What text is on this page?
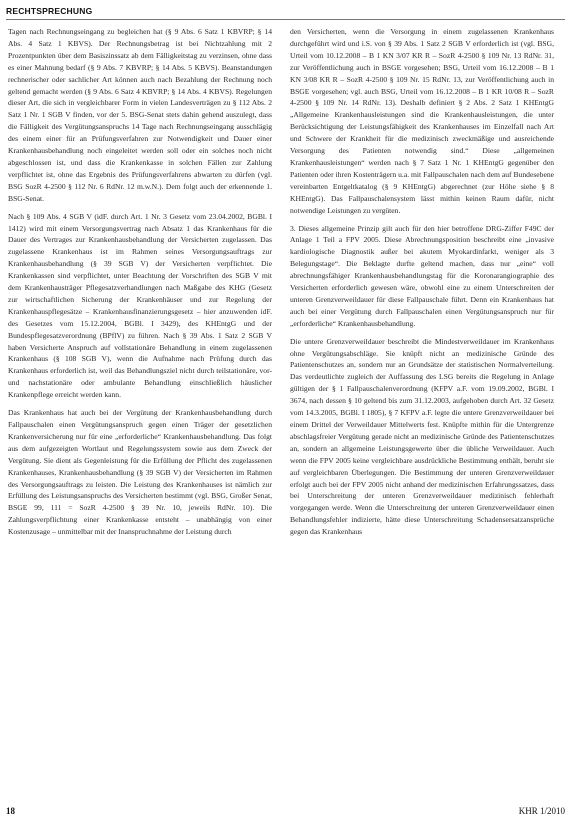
RECHTSPRECHUNG

Tagen nach Rechnungseingang zu begleichen hat (§ 9 Abs. 6 Satz 1 KBVRP; § 14 Abs. 4 Satz 1 KBVS). Der Rechnungsbetrag ist bei Nichtzahlung mit 2 Prozentpunkten über dem Basiszinssatz ab dem Fälligkeitstag zu verzinsen, ohne dass es einer Mahnung bedarf (§ 9 Abs. 7 KBVRP; § 14 Abs. 5 KBVS). Beanstandungen rechnerischer oder sachlicher Art können auch nach Bezahlung der Rechnung noch geltend gemacht werden (§ 9 Abs. 6 Satz 4 KBVRP; § 14 Abs. 4 KBVS). Regelungen dieser Art, die sich in vergleichbarer Form in vielen Landesverträgen zu § 112 Abs. 2 Satz 1 Nr. 1 SGB V finden, vor der 5. BSG-Senat stets dahin gehend auszulegt, dass die Fälligkeit des Vergütungsanspruchs 14 Tage nach Rechnungseingang ausschlägig des einem einer für an Prüfungsverfahren zur Notwendigkeit und Dauer einer Krankenhausbehandlung noch eingeleitet werden soll oder ein solches noch nicht abgeschlossen ist, und dass die Krankenkasse in solchen Fällen zur Zahlung verpflichtet ist, ohne das Ergebnis des Prüfungsverfahrens abwarten zu dürfen (vgl. BSG SozR 4-2500 § 112 Nr. 6 RdNr. 12 m.w.N.). Dem folgt auch der erkennende 1. BSG-Senat.

Nach § 109 Abs. 4 SGB V (idF. durch Art. 1 Nr. 3 Gesetz vom 23.04.2002, BGBl. I 1412) wird mit einem Versorgungsvertrag nach Absatz 1 das Krankenhaus für die Dauer des Vertrages zur Krankenhausbehandlung der Versicherten zugelassen. Das zugelassene Krankenhaus ist im Rahmen seines Versorgungsauftrags zur Krankenhausbehandlung (§ 39 SGB V) der Versicherten verpflichtet. Die Krankenkassen sind verpflichtet, unter Beachtung der Vorschriften des SGB V mit dem Krankenhausträger Pflegesatzverhandlungen nach Maßgabe des KHG (Gesetz zur wirtschaftlichen Sicherung der Krankenhäuser und zur Regelung der Krankenhauspflegesätze – Krankenhausfinanzierungsgesetz – hier anzuwenden idF. des Gesetzes vom 15.12.2004, BGBl. I 3429), des KHEntgG und der Bundespflegesatzverordnung (BPflV) zu führen. Nach § 39 Abs. 1 Satz 2 SGB V haben Versicherte Anspruch auf vollstationäre Behandlung in einem zugelassenen Krankenhaus (§ 108 SGB V), wenn die Aufnahme nach Prüfung durch das Krankenhaus erforderlich ist, weil das Behandlungsziel nicht durch teilstationäre, vor- und nachstationäre oder ambulante Behandlung einschließlich häuslicher Krankenpflege erreicht werden kann.

Das Krankenhaus hat auch bei der Vergütung der Krankenhausbehandlung durch Fallpauschalen einen Vergütungsanspruch gegen einen Träger der gesetzlichen Krankenversicherung nur für eine „erforderliche“ Krankenhausbehandlung. Das folgt aus dem aufgezeigten Wortlaut und Regelungssystem sowie aus dem Zweck der Vergütung. Sie dient als Gegenleistung für die Erfüllung der Pflicht des zugelassenen Krankenhauses, Krankenhausbehandlung (§ 39 SGB V) der Versicherten im Rahmen des Versorgungsauftrags zu leisten. Die Leistung des Krankenhauses ist nämlich zur Erfüllung des Leistungsanspruchs des Versicherten bestimmt (vgl. BSG, Großer Senat, BSGE 99, 111 = SozR 4-2500 § 39 Nr. 10, jeweils RdNr. 10). Die Zahlungsverpflichtung einer Krankenkasse entsteht – unabhängig von einer Kostenzusage – unmittelbar mit der Inanspruchnahme der Leistung durch

den Versicherten, wenn die Versorgung in einem zugelassenen Krankenhaus durchgeführt wird und i.S. von § 39 Abs. 1 Satz 2 SGB V erforderlich ist (vgl. BSG, Urteil vom 10.12.2008 – B 1 KN 3/07 KR R – SozR 4-2500 § 109 Nr. 13 RdNr. 31, zur Veröffentlichung auch in BSGE vorgesehen; BSG, Urteil vom 16.12.2008 – B 1 KN 3/08 KR R – SozR 4-2500 § 109 Nr. 15 RdNr. 13, zur Veröffentlichung auch in BSGE vorgesehen; vgl. auch BSG, Urteil vom 16.12.2008 – B 1 KR 10/08 R – SozR 4-2500 § 109 Nr. 14 RdNr. 13). Deshalb definiert § 2 Abs. 2 Satz 1 KHEntgG „Allgemeine Krankenhausleistungen sind die Krankenhausleistungen, die unter Berücksichtigung der Leistungsfähigkeit des Krankenhauses im Einzelfall nach Art und Schwere der Krankheit für die medizinisch zweckmäßige und ausreichende Versorgung des Patienten notwendig sind.“ Diese „allgemeinen Krankenhausleistungen“ werden nach § 7 Satz 1 Nr. 1 KHEntgG gegenüber den Patienten oder ihren Kostenträgern u.a. mit Fallpauschalen nach dem auf Bundesebene vereinbarten Entgeltkatalog (§ 9 KHEntgG) abgerechnet (zur Höhe siehe § 8 KHEntgG). Das Fallpauschalensystem lässt mithin keinen Raum dafür, nicht notwendige Leistungen zu vergüten.

3. Dieses allgemeine Prinzip gilt auch für den hier betroffene DRG-Ziffer F49C der Anlage 1 Teil a FPV 2005. Diese Abrechnungsposition beschreibt eine „invasive kardiologische Diagnostik außer bei akutem Myokardinfarkt, weniger als 3 Belegungstage“. Die Beklagte durfte geltend machen, dass nur „eine“ voll abrechnungsfähiger Krankenhausbehandlungstag für die Koronarangiographie des Versicherten erforderlich gewesen wäre, obwohl eine zu einem Unterschreiten der unteren Grenzverweildauer für diese Fallpauschale führt. Denn ein Krankenhaus hat auch bei einer Vergütung durch Fallpauschalen einen Vergütungsanspruch nur für „erforderliche“ Krankenhausbehandlung.

Die untere Grenzverweildauer beschreibt die Mindestverweildauer im Krankenhaus ohne Vergütungsabschläge. Sie knüpft nicht an medizinische Gründe des Patientenschutzes an, sondern nur an Grundsätze der statistischen Normalverteilung. Das verdeutlichte zugleich der Auffassung des LSG bereits die Regelung in Anlage gültigen der § 1 Fallpauschalenverordnung (KFPV a.F. vom 19.09.2002, BGBl. I 3674, nach dessen § 10 geltend bis zum 31.12.2003, aufgehoben durch Art. 32 Gesetz vom 14.3.2005, BGBl. I 1805), § 7 KFPV a.F. legte die untere Grenzverweildauer bei einem Drittel der Verweildauer Mittelwerts fest. Knüpfte mithin für die Untergrenze abschlagsfreier Vergütung gerade nicht an medizinische Gründe des Patientenschutzes an, sondern an allgemeine Leistungsgewerte über die übliche Verweildauer. Auch wenn die FPV 2005 keine vergleichbare ausdrückliche Bestimmung enthält, beruht sie auf vergleichbaren Überlegungen. Die Bestimmung der unteren Grenzverweildauer erfolgt auch bei der FPV 2005 nicht anhand der medizinischen Erfahrungssatzes, dass bei Unterschreitung der unteren Grenzverweildauer medizinisch fehlerhaft vorgegangen werde. Wenn die Unterschreitung der unteren Grenzverweildauer einen Behandlungsfehler indizierte, hätte diese Unterschreitung Schadensersatzansprüche gegen das Krankenhaus

18	KHR 1/2010
